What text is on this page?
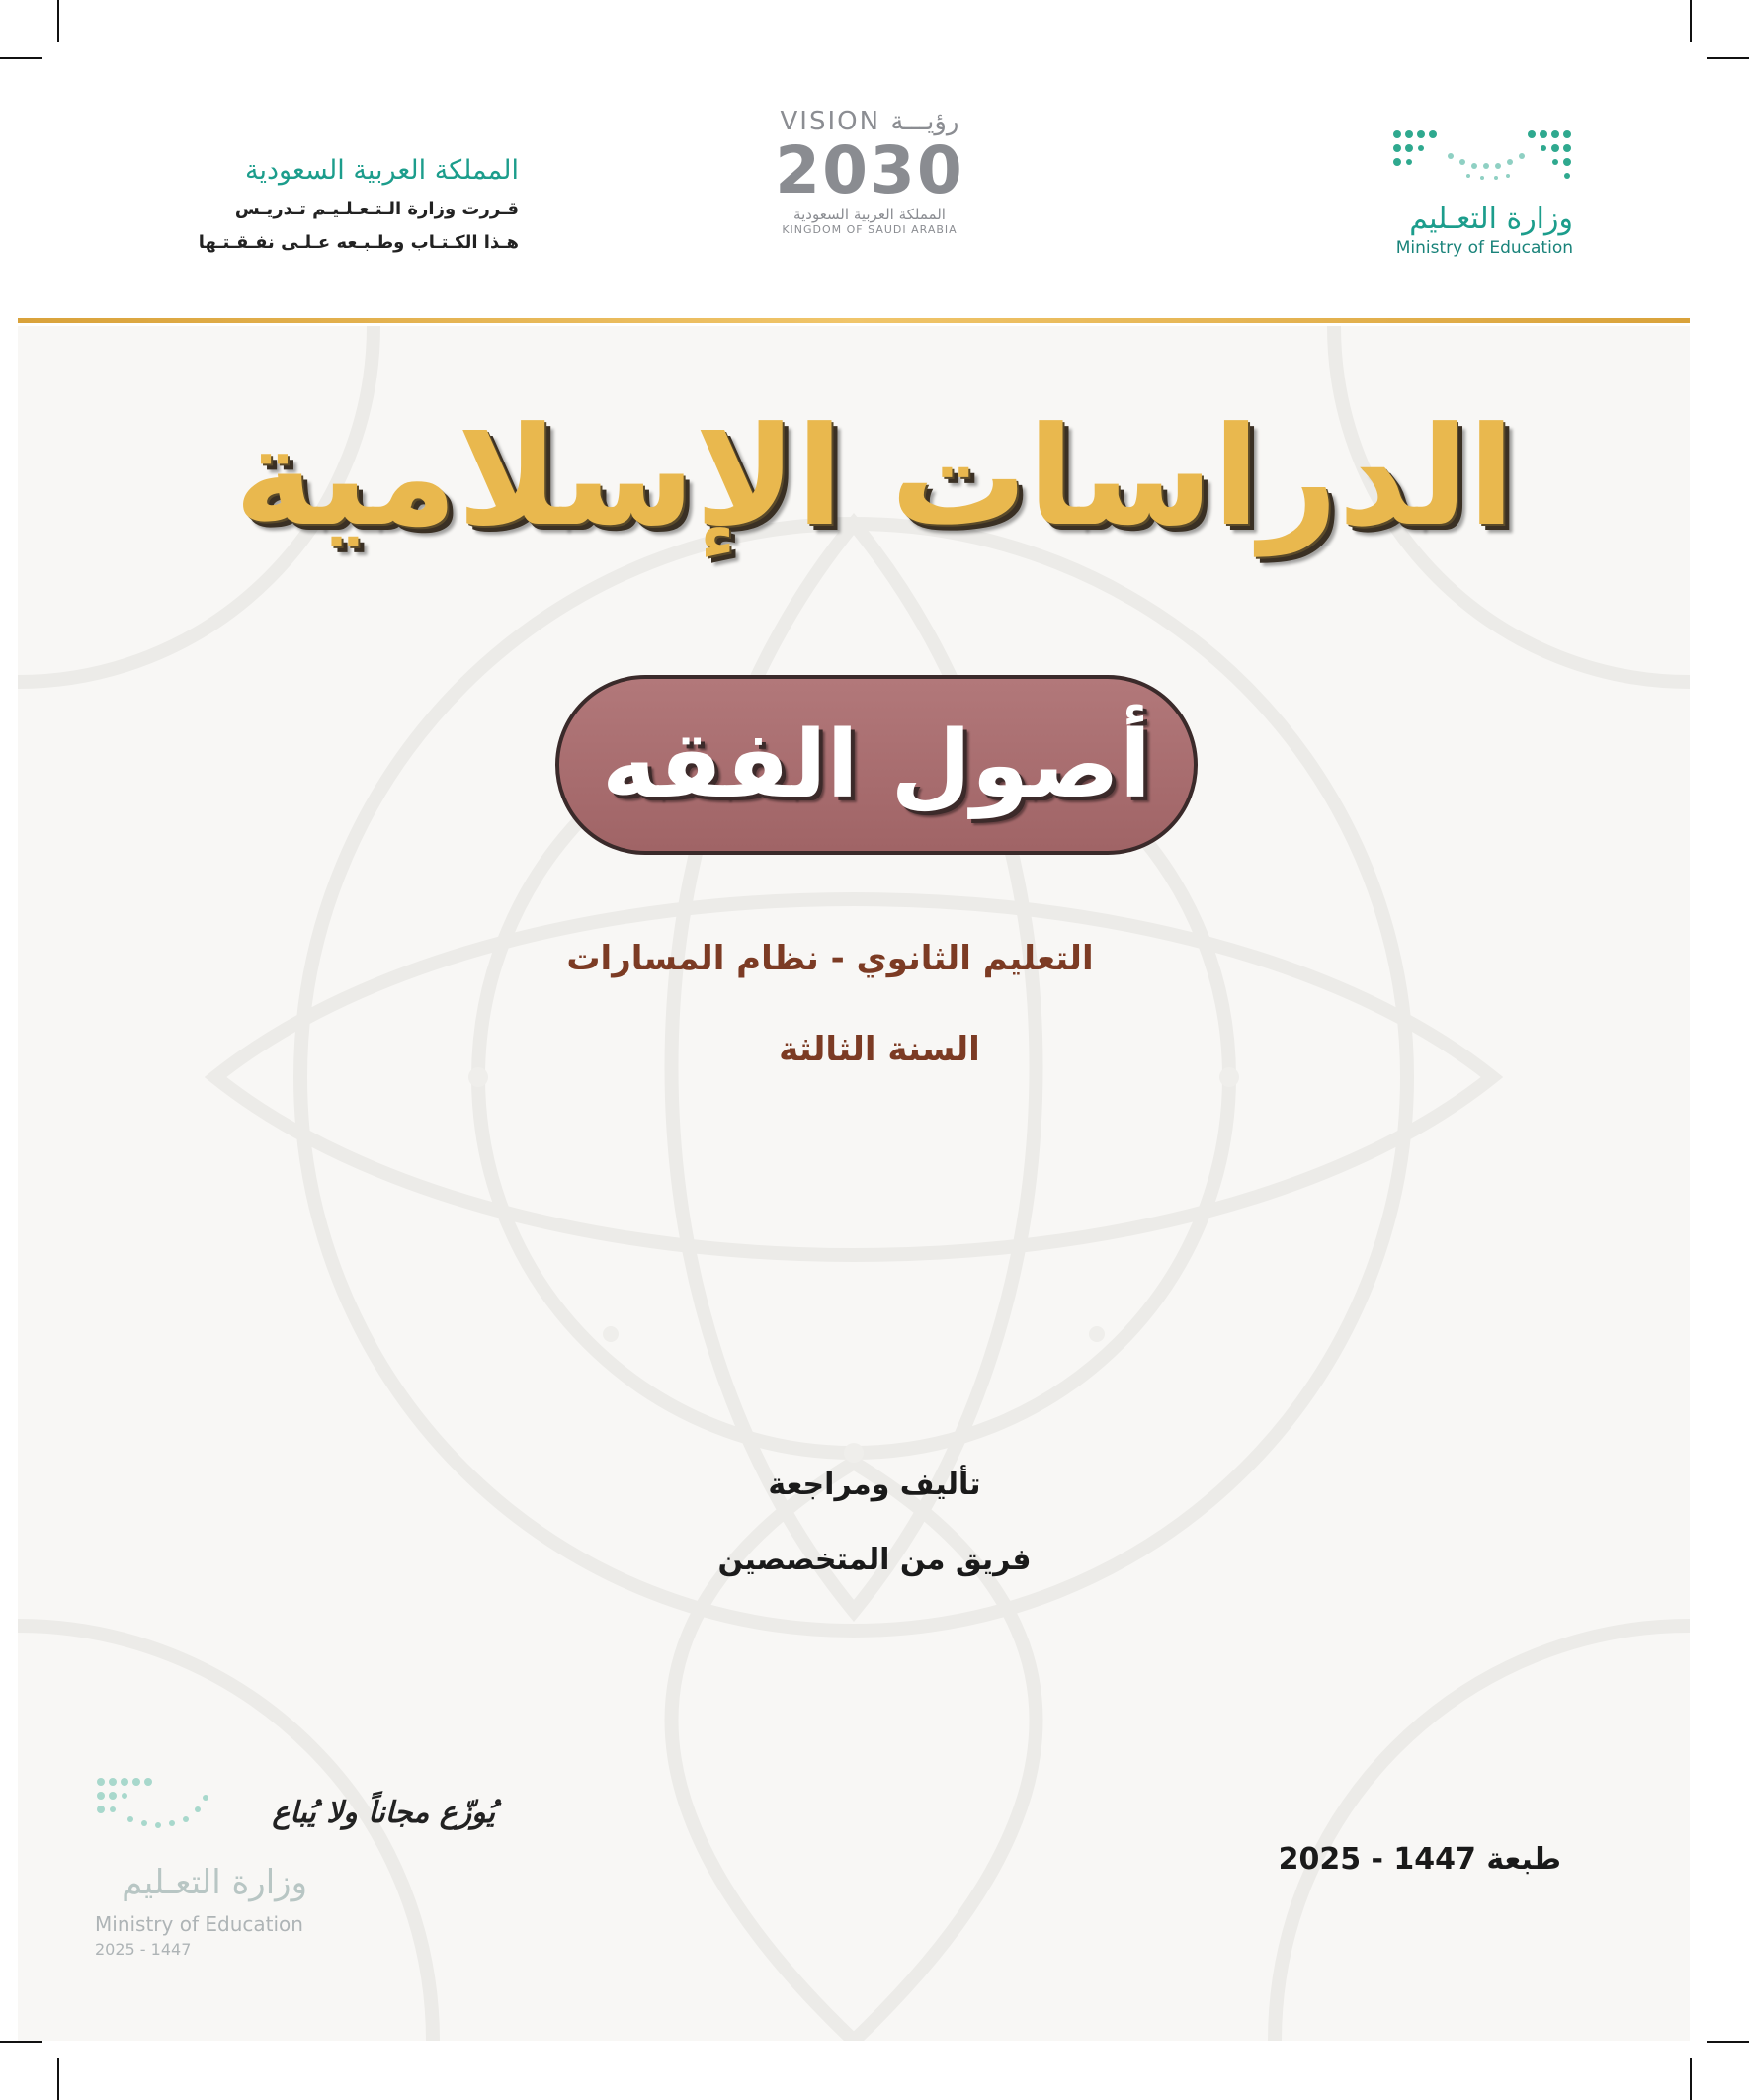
وزارة التعـليم
Ministry of Education
VISION رؤيـــة
2030
المملكة العربية السعودية
KINGDOM OF SAUDI ARABIA
المملكة العربية السعودية
قـررت وزارة الـتـعـلـيـم تـدريـس
هـذا الكـتـاب وطـبـعه عـلـى نفـقـتـها
الدراسات الإسلامية
أصول الفقه
التعليم الثانوي - نظام المسارات
السنة الثالثة
تأليف ومراجعة
فريق من المتخصصين
طبعة 1447 - 2025
يُوزّع مجاناً ولا يُباع
وزارة التعـليم
Ministry of Education
2025 - 1447
